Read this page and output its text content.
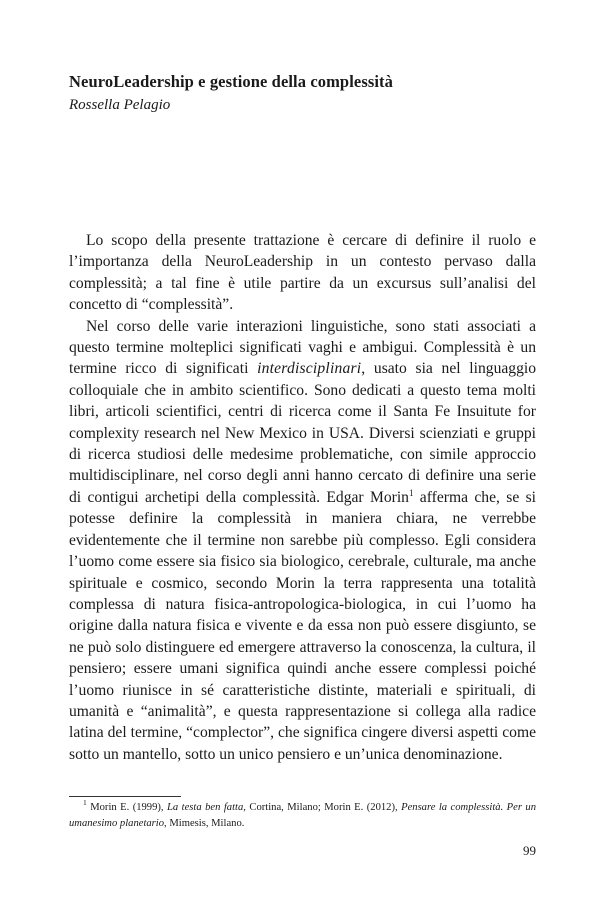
NeuroLeadership e gestione della complessità
Rossella Pelagio

Lo scopo della presente trattazione è cercare di definire il ruolo e l’importanza della NeuroLeadership in un contesto pervaso dalla complessità; a tal fine è utile partire da un excursus sull’analisi del concetto di “complessità”.

Nel corso delle varie interazioni linguistiche, sono stati associati a questo termine molteplici significati vaghi e ambigui. Complessità è un termine ricco di significati interdisciplinari, usato sia nel linguaggio colloquiale che in ambito scientifico. Sono dedicati a questo tema molti libri, articoli scientifici, centri di ricerca come il Santa Fe Insuitute for complexity research nel New Mexico in USA. Diversi scienziati e gruppi di ricerca studiosi delle medesime problematiche, con simile approccio multidisciplinare, nel corso degli anni hanno cercato di definire una serie di contigui archetipi della complessità. Edgar Morin$^1$ afferma che, se si potesse definire la complessità in maniera chiara, ne verrebbe evidentemente che il termine non sarebbe più complesso. Egli considera l’uomo come essere sia fisico sia biologico, cerebrale, culturale, ma anche spirituale e cosmico, secondo Morin la terra rappresenta una totalità complessa di natura fisica-antropologica-biologica, in cui l’uomo ha origine dalla natura fisica e vivente e da essa non può essere disgiunto, se ne può solo distinguere ed emergere attraverso la conoscenza, la cultura, il pensiero; essere umani significa quindi anche essere complessi poiché l’uomo riunisce in sé caratteristiche distinte, materiali e spirituali, di umanità e “animalità”, e questa rappresentazione si collega alla radice latina del termine, “complector”, che significa cingere diversi aspetti come sotto un mantello, sotto un unico pensiero e un’unica denominazione.

$^1$ Morin E. (1999), La testa ben fatta, Cortina, Milano; Morin E. (2012), Pensare la complessità. Per un umanesimo planetario, Mimesis, Milano.
99
